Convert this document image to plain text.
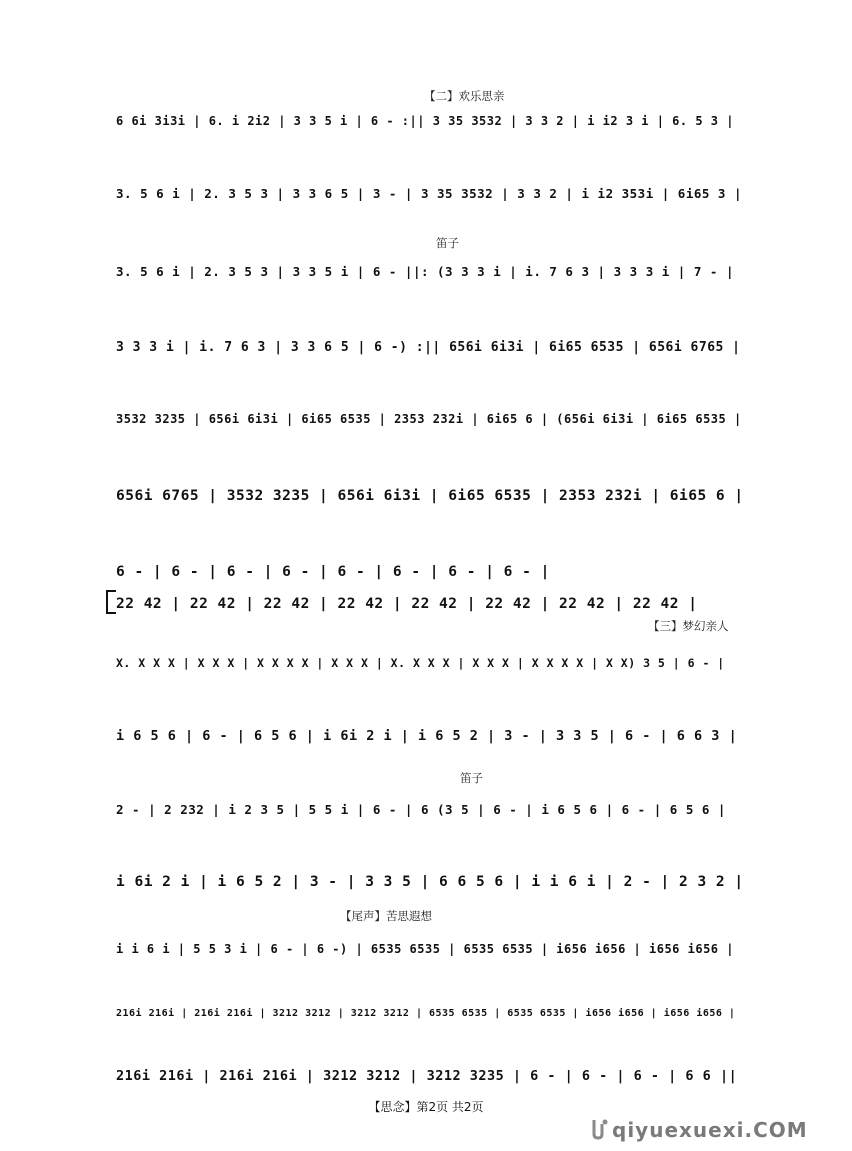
【二】欢乐思亲
笛子
【三】梦幻亲人
笛子
【尾声】苦思遐想
6 6i 3i3i | 6. i 2i2 | 3 3 5 i | 6 - :|| 3 35 3532 | 3 3 2 | i i2 3 i | 6. 5 3 |
3. 5 6 i | 2. 3 5 3 | 3 3 6 5 | 3 - | 3 35 3532 | 3 3 2 | i i2 353i | 6i65 3 |
3. 5 6 i | 2. 3 5 3 | 3 3 5 i | 6 - ||: (3 3 3 i | i. 7 6 3 | 3 3 3 i | 7 - |
3 3 3 i | i. 7 6 3 | 3 3 6 5 | 6 -) :|| 656i 6i3i | 6i65 6535 | 656i 6765 |
3532 3235 | 656i 6i3i | 6i65 6535 | 2353 232i | 6i65 6 | (656i 6i3i | 6i65 6535 |
656i 6765 | 3532 3235 | 656i 6i3i | 6i65 6535 | 2353 232i | 6i65 6 |
6 - | 6 - | 6 - | 6 - | 6 - | 6 - | 6 - | 6 - |
22 42 | 22 42 | 22 42 | 22 42 | 22 42 | 22 42 | 22 42 | 22 42 |
X. X X X | X X X | X X X X | X X X | X. X X X | X X X | X X X X | X X) 3 5 | 6 - |
i 6 5 6 | 6 - | 6 5 6 | i 6i 2 i | i 6 5 2 | 3 - | 3 3 5 | 6 - | 6 6 3 |
2 - | 2 232 | i 2 3 5 | 5 5 i | 6 - | 6 (3 5 | 6 - | i 6 5 6 | 6 - | 6 5 6 |
i 6i 2 i | i 6 5 2 | 3 - | 3 3 5 | 6 6 5 6 | i i 6 i | 2 - | 2 3 2 |
i i 6 i | 5 5 3 i | 6 - | 6 -) | 6535 6535 | 6535 6535 | i656 i656 | i656 i656 |
216i 216i | 216i 216i | 3212 3212 | 3212 3212 | 6535 6535 | 6535 6535 | i656 i656 | i656 i656 |
216i 216i | 216i 216i | 3212 3212 | 3212 3235 | 6 - | 6 - | 6 - | 6 6 ||
【思念】第2页 共2页
qiyuexuexi.COM
